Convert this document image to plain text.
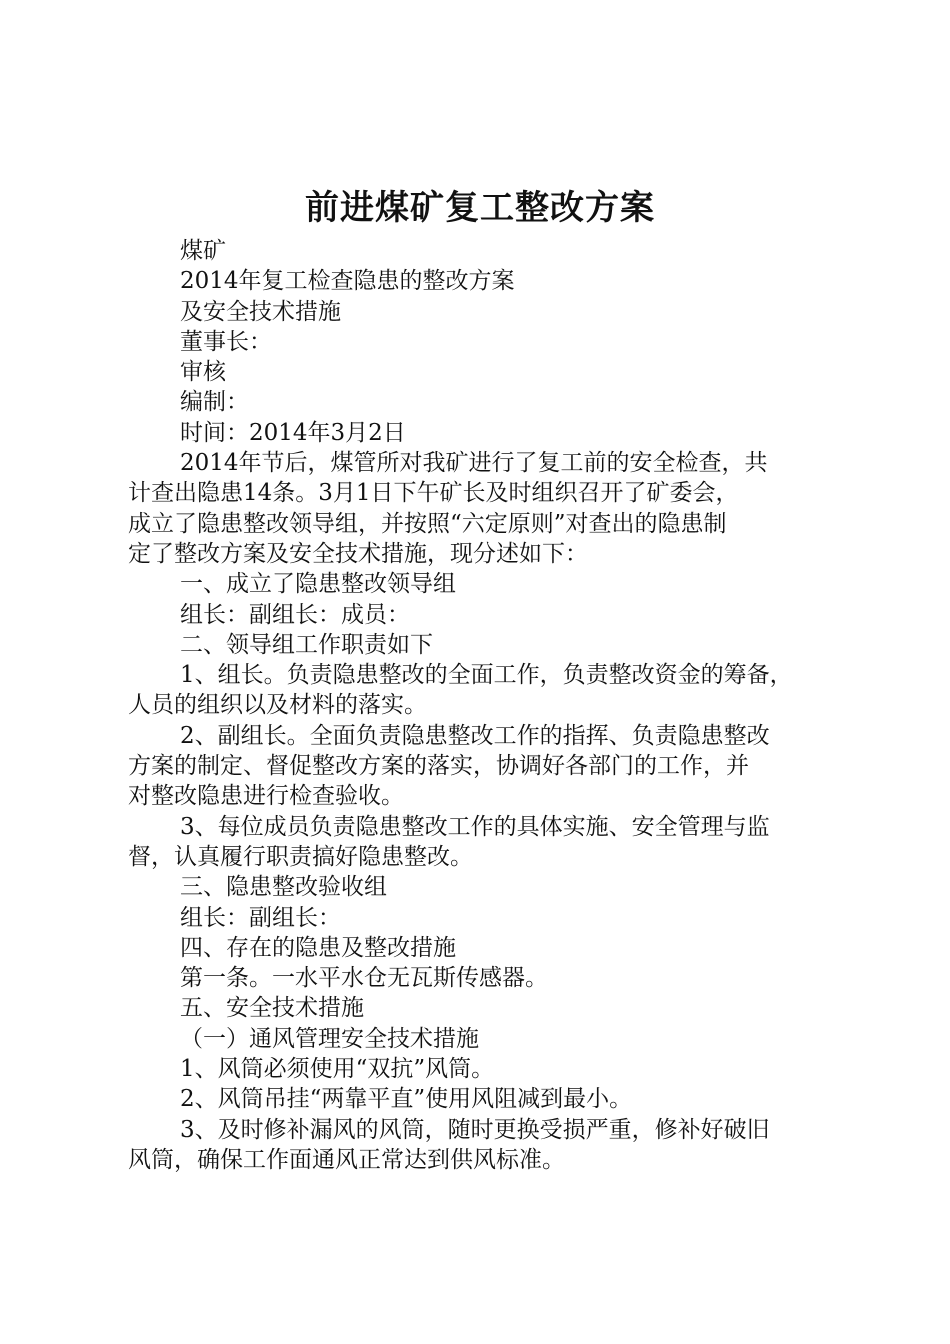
前进煤矿复工整改方案
煤矿
2014年复工检查隐患的整改方案
及安全技术措施
董事长：
审核
编制：
时间：2014年3月2日
2014年节后，煤管所对我矿进行了复工前的安全检查，共
计查出隐患14条。3月1日下午矿长及时组织召开了矿委会，
成立了隐患整改领导组，并按照“六定原则”对查出的隐患制
定了整改方案及安全技术措施，现分述如下：
一、成立了隐患整改领导组
组长：副组长：成员：
二、领导组工作职责如下
1、组长。负责隐患整改的全面工作，负责整改资金的筹备，
人员的组织以及材料的落实。
2、副组长。全面负责隐患整改工作的指挥、负责隐患整改
方案的制定、督促整改方案的落实，协调好各部门的工作，并
对整改隐患进行检查验收。
3、每位成员负责隐患整改工作的具体实施、安全管理与监
督，认真履行职责搞好隐患整改。
三、隐患整改验收组
组长：副组长：
四、存在的隐患及整改措施
第一条。一水平水仓无瓦斯传感器。
五、安全技术措施
（一）通风管理安全技术措施
1、风筒必须使用“双抗”风筒。
2、风筒吊挂“两靠平直”使用风阻减到最小。
3、及时修补漏风的风筒，随时更换受损严重，修补好破旧
风筒，确保工作面通风正常达到供风标准。
